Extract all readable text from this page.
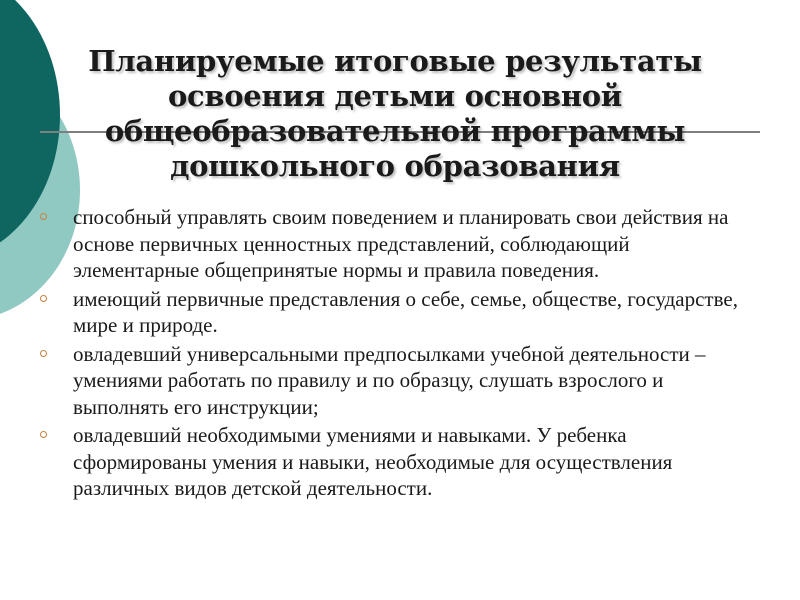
Планируемые итоговые результаты освоения детьми основной общеобразовательной программы дошкольного образования
способный управлять своим поведением и планировать свои действия на основе первичных ценностных представлений, соблюдающий элементарные общепринятые нормы и правила поведения.
имеющий первичные представления о себе, семье, обществе, государстве, мире и природе.
овладевший универсальными предпосылками учебной деятельности – умениями работать по правилу и по образцу, слушать взрослого и выполнять его инструкции;
овладевший необходимыми умениями и навыками. У ребенка сформированы умения и навыки, необходимые для осуществления различных видов детской деятельности.
